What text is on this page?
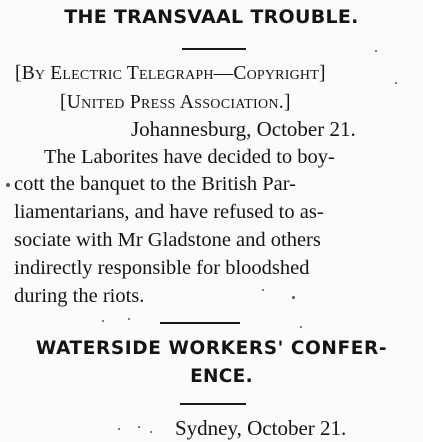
THE TRANSVAAL TROUBLE.
[By Electric Telegraph—Copyright]
[United Press Association.]
Johannesburg, October 21.
The Laborites have decided to boy-
cott the banquet to the British Par-
liamentarians, and have refused to as-
sociate with Mr Gladstone and others
indirectly responsible for bloodshed
during the riots.
WATERSIDE WORKERS' CONFER-
ENCE.
Sydney, October 21.
